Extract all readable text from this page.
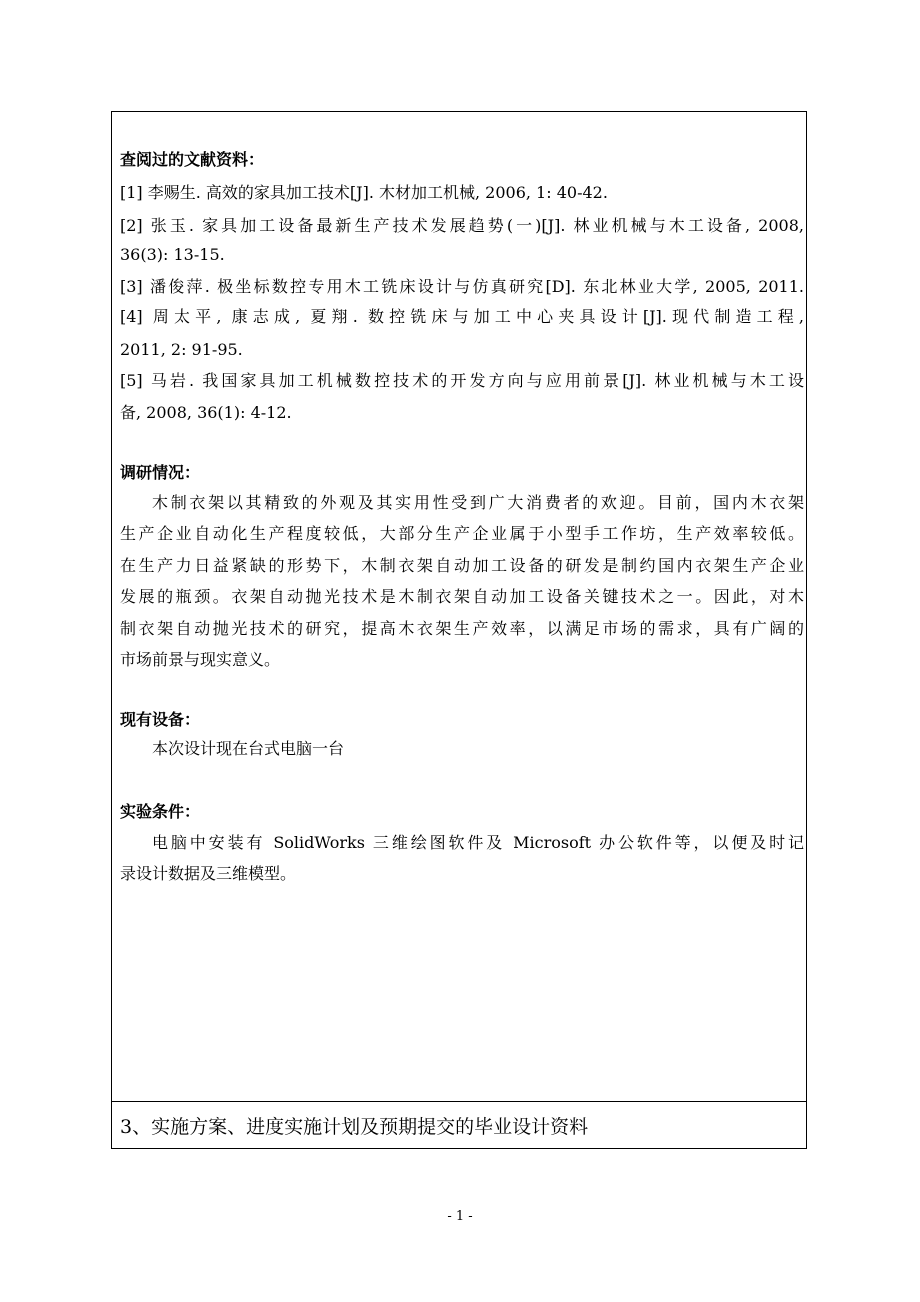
查阅过的文献资料：
[1] 李赐生. 高效的家具加工技术[J]. 木材加工机械, 2006, 1: 40-42.
[2] 张玉. 家具加工设备最新生产技术发展趋势(一)[J]. 林业机械与木工设备, 2008,
36(3): 13-15.
[3] 潘俊萍. 极坐标数控专用木工铣床设计与仿真研究[D]. 东北林业大学, 2005, 2011.
[4] 周太平, 康志成, 夏翔. 数控铣床与加工中心夹具设计[J].现代制造工程,
2011, 2: 91-95.
[5] 马岩. 我国家具加工机械数控技术的开发方向与应用前景[J]. 林业机械与木工设
备, 2008, 36(1): 4-12.
调研情况：
木制衣架以其精致的外观及其实用性受到广大消费者的欢迎。目前，国内木衣架
生产企业自动化生产程度较低，大部分生产企业属于小型手工作坊，生产效率较低。
在生产力日益紧缺的形势下，木制衣架自动加工设备的研发是制约国内衣架生产企业
发展的瓶颈。衣架自动抛光技术是木制衣架自动加工设备关键技术之一。因此，对木
制衣架自动抛光技术的研究，提高木衣架生产效率，以满足市场的需求，具有广阔的
市场前景与现实意义。
现有设备：
本次设计现在台式电脑一台
实验条件：
电脑中安装有 SolidWorks 三维绘图软件及 Microsoft 办公软件等，以便及时记
录设计数据及三维模型。
3、实施方案、进度实施计划及预期提交的毕业设计资料
- 1 -
